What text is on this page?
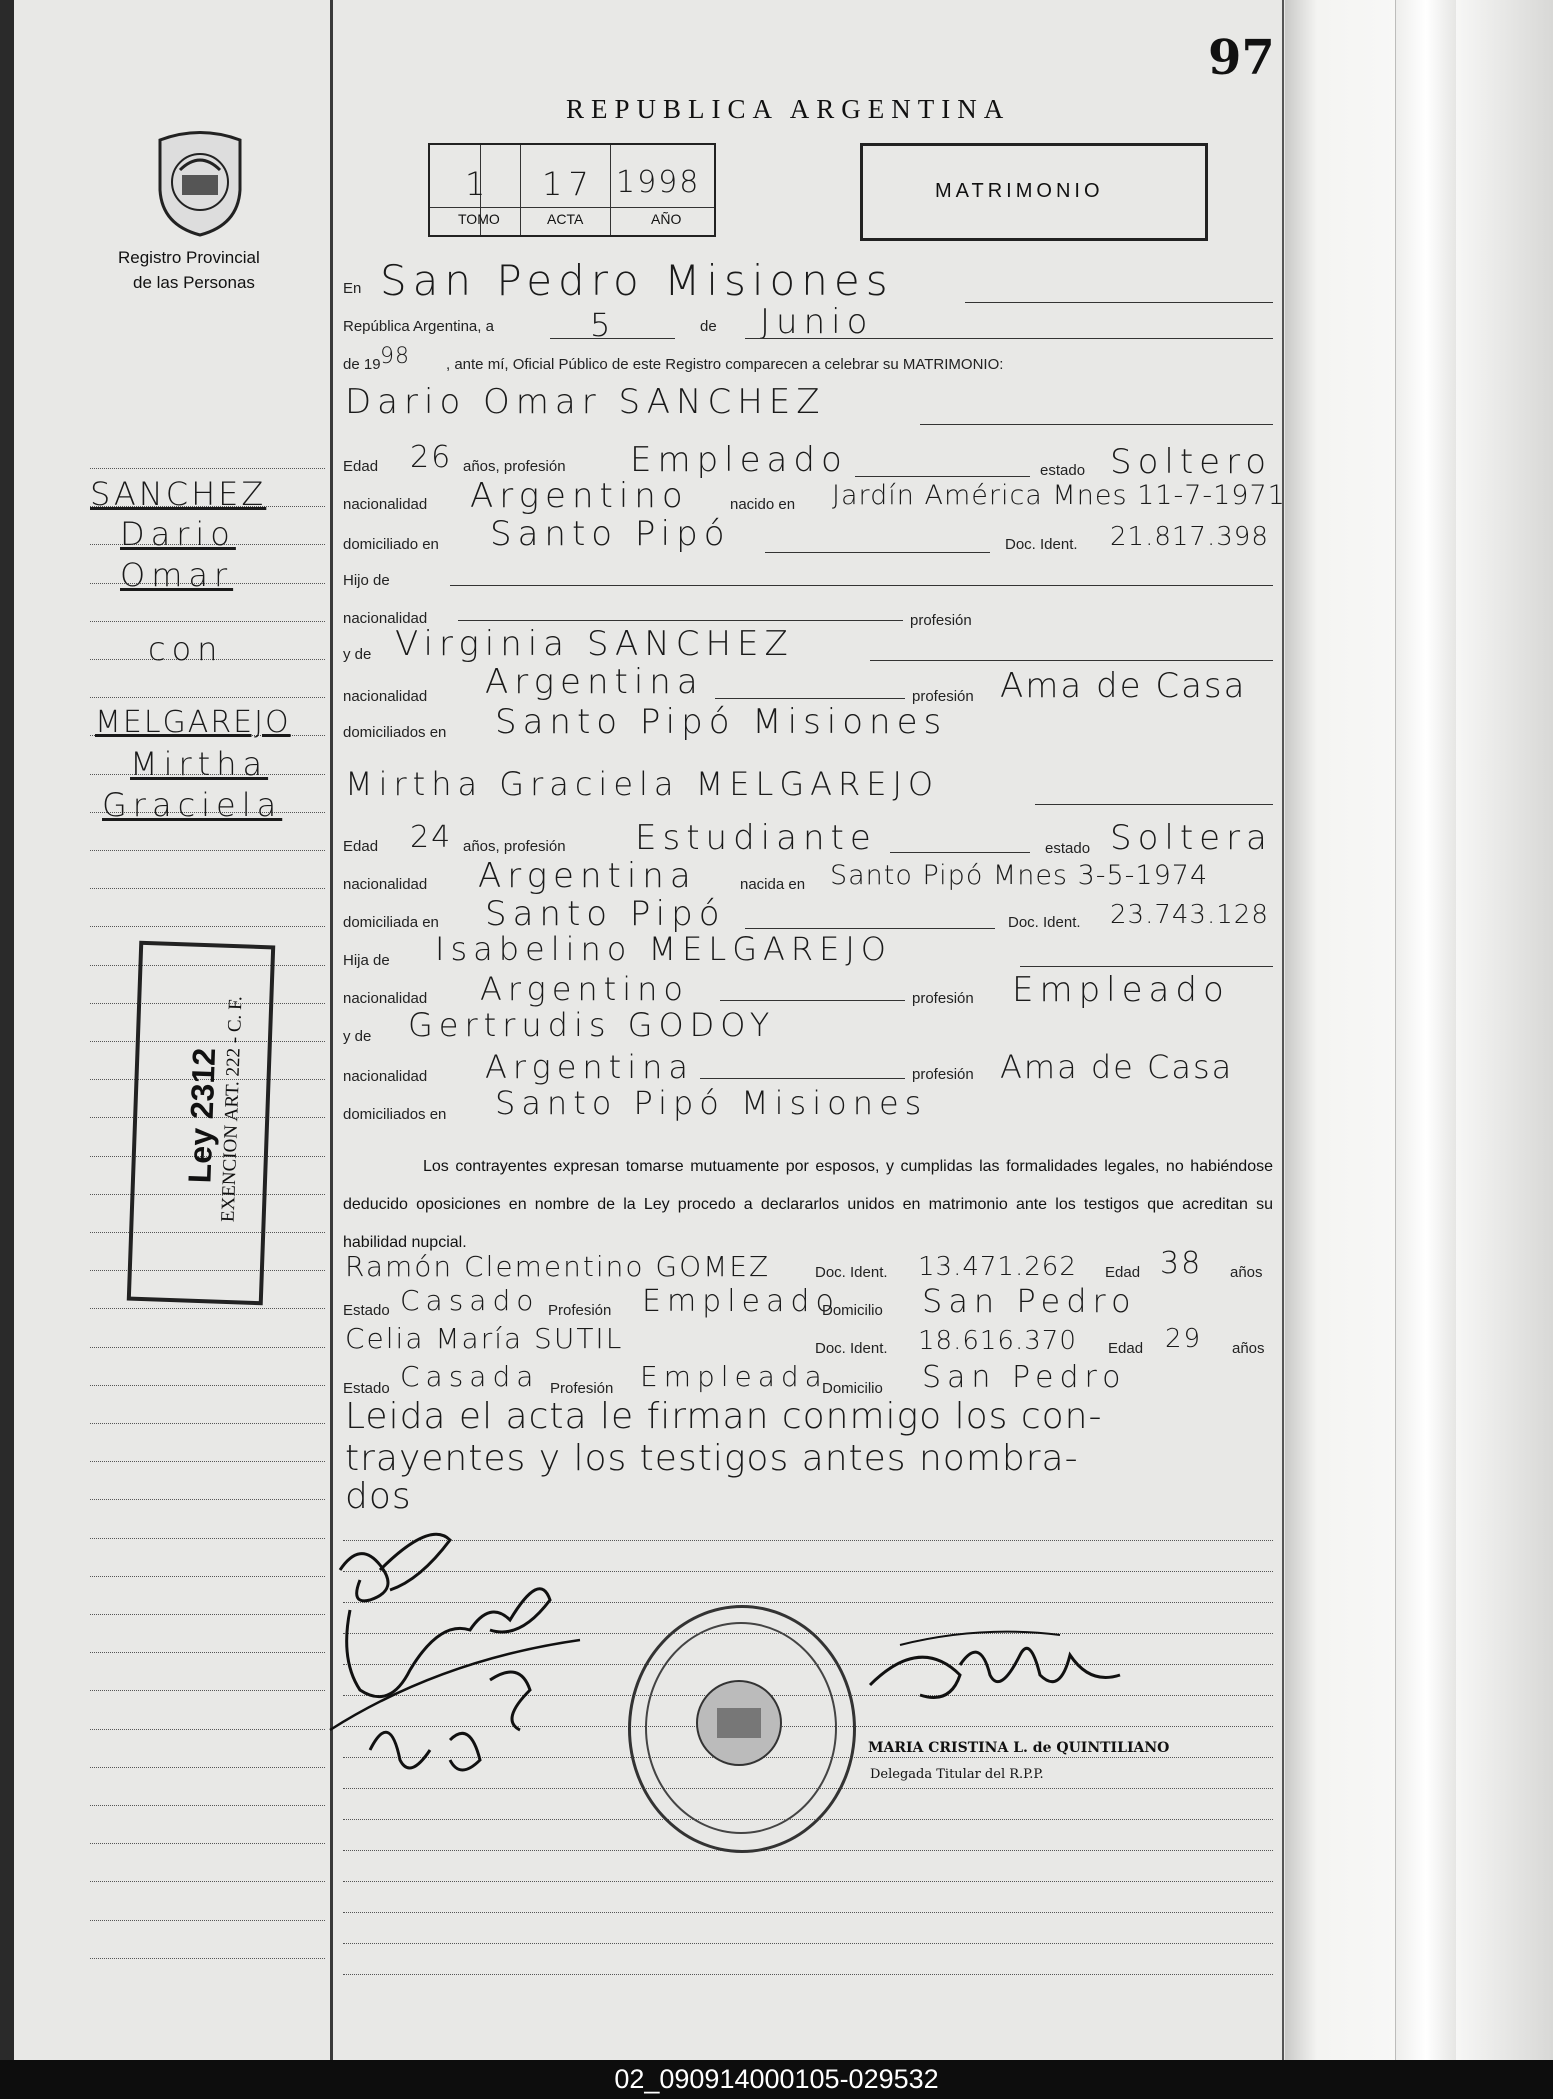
97
REPUBLICA ARGENTINA
Registro Provincial
de las Personas
1 17 1998
TOMO	ACTA	AÑO
MATRIMONIO
SANCHEZ
Dario
Omar
con
MELGAREJO
Mirtha
Graciela
Ley 2312
EXENCION ART. 222 - C. F.
En San Pedro Misiones
República Argentina, a	5	de Junio
de 19 98 , ante mí, Oficial Público de este Registro comparecen a celebrar su MATRIMONIO:
Dario Omar SANCHEZ
Edad 26 años, profesión Empleado	estado Soltero
nacionalidad Argentino	nacido en Jardín América Mnes 11-7-1971
domiciliado en Santo Pipó	Doc. Ident. 21.817.398
Hijo de
nacionalidad	profesión
y de Virginia SANCHEZ
nacionalidad Argentina	profesión Ama de Casa
domiciliados en Santo Pipó Misiones
Mirtha Graciela MELGAREJO
Edad 24 años, profesión Estudiante	estado Soltera
nacionalidad Argentina	nacida en Santo Pipó Mnes 3-5-1974
domiciliada en Santo Pipó	Doc. Ident. 23.743.128
Hija de Isabelino MELGAREJO
nacionalidad Argentino	profesión Empleado
y de Gertrudis GODOY
nacionalidad Argentina	profesión Ama de Casa
domiciliados en Santo Pipó Misiones
Los contrayentes expresan tomarse mutuamente por esposos, y cumplidas las formalidades legales, no habiéndose deducido oposiciones en nombre de la Ley procedo a declararlos unidos en matrimonio ante los testigos que acreditan su habilidad nupcial.
Ramón Clementino GOMEZ	Doc. Ident. 13.471.262 Edad 38 años
Estado Casado Profesión Empleado
Domicilio San Pedro
Celia María SUTIL	Doc. Ident. 18.616.370 Edad 29 años
Estado Casada Profesión Empleada
Domicilio San Pedro
Leida el acta le firman conmigo los con-
trayentes y los testigos antes nombra-
dos
MARIA CRISTINA L. de QUINTILIANO
Delegada Titular del R.P.P.
02_090914000105-029532
